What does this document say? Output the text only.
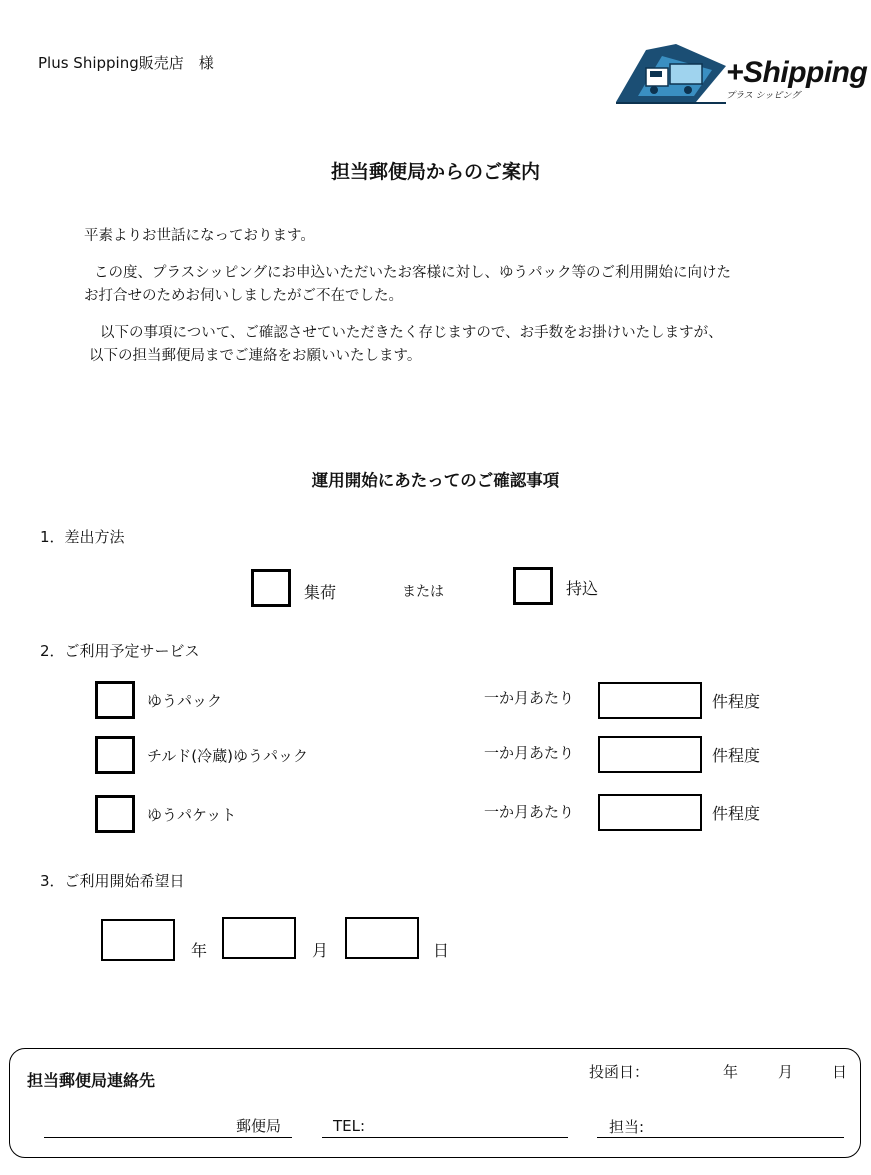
Plus Shipping販売店　様	+Shipping
プラス シッピング
担当郵便局からのご案内
平素よりお世話になっております。
この度、プラスシッピングにお申込いただいたお客様に対し、ゆうパック等のご利用開始に向けた
お打合せのためお伺いしましたがご不在でした。
以下の事項について、ご確認させていただきたく存じますので、お手数をお掛けいたしますが、
以下の担当郵便局までご連絡をお願いいたします。
運用開始にあたってのご確認事項
1．差出方法
集荷	または	持込
2．ご利用予定サービス
ゆうパック	一か月あたり	件程度
チルド(冷蔵)ゆうパック	一か月あたり	件程度
ゆうパケット	一か月あたり	件程度
3．ご利用開始希望日
年	月	日
担当郵便局連絡先	投函日：	年	月	日
郵便局	TEL:	担当:
